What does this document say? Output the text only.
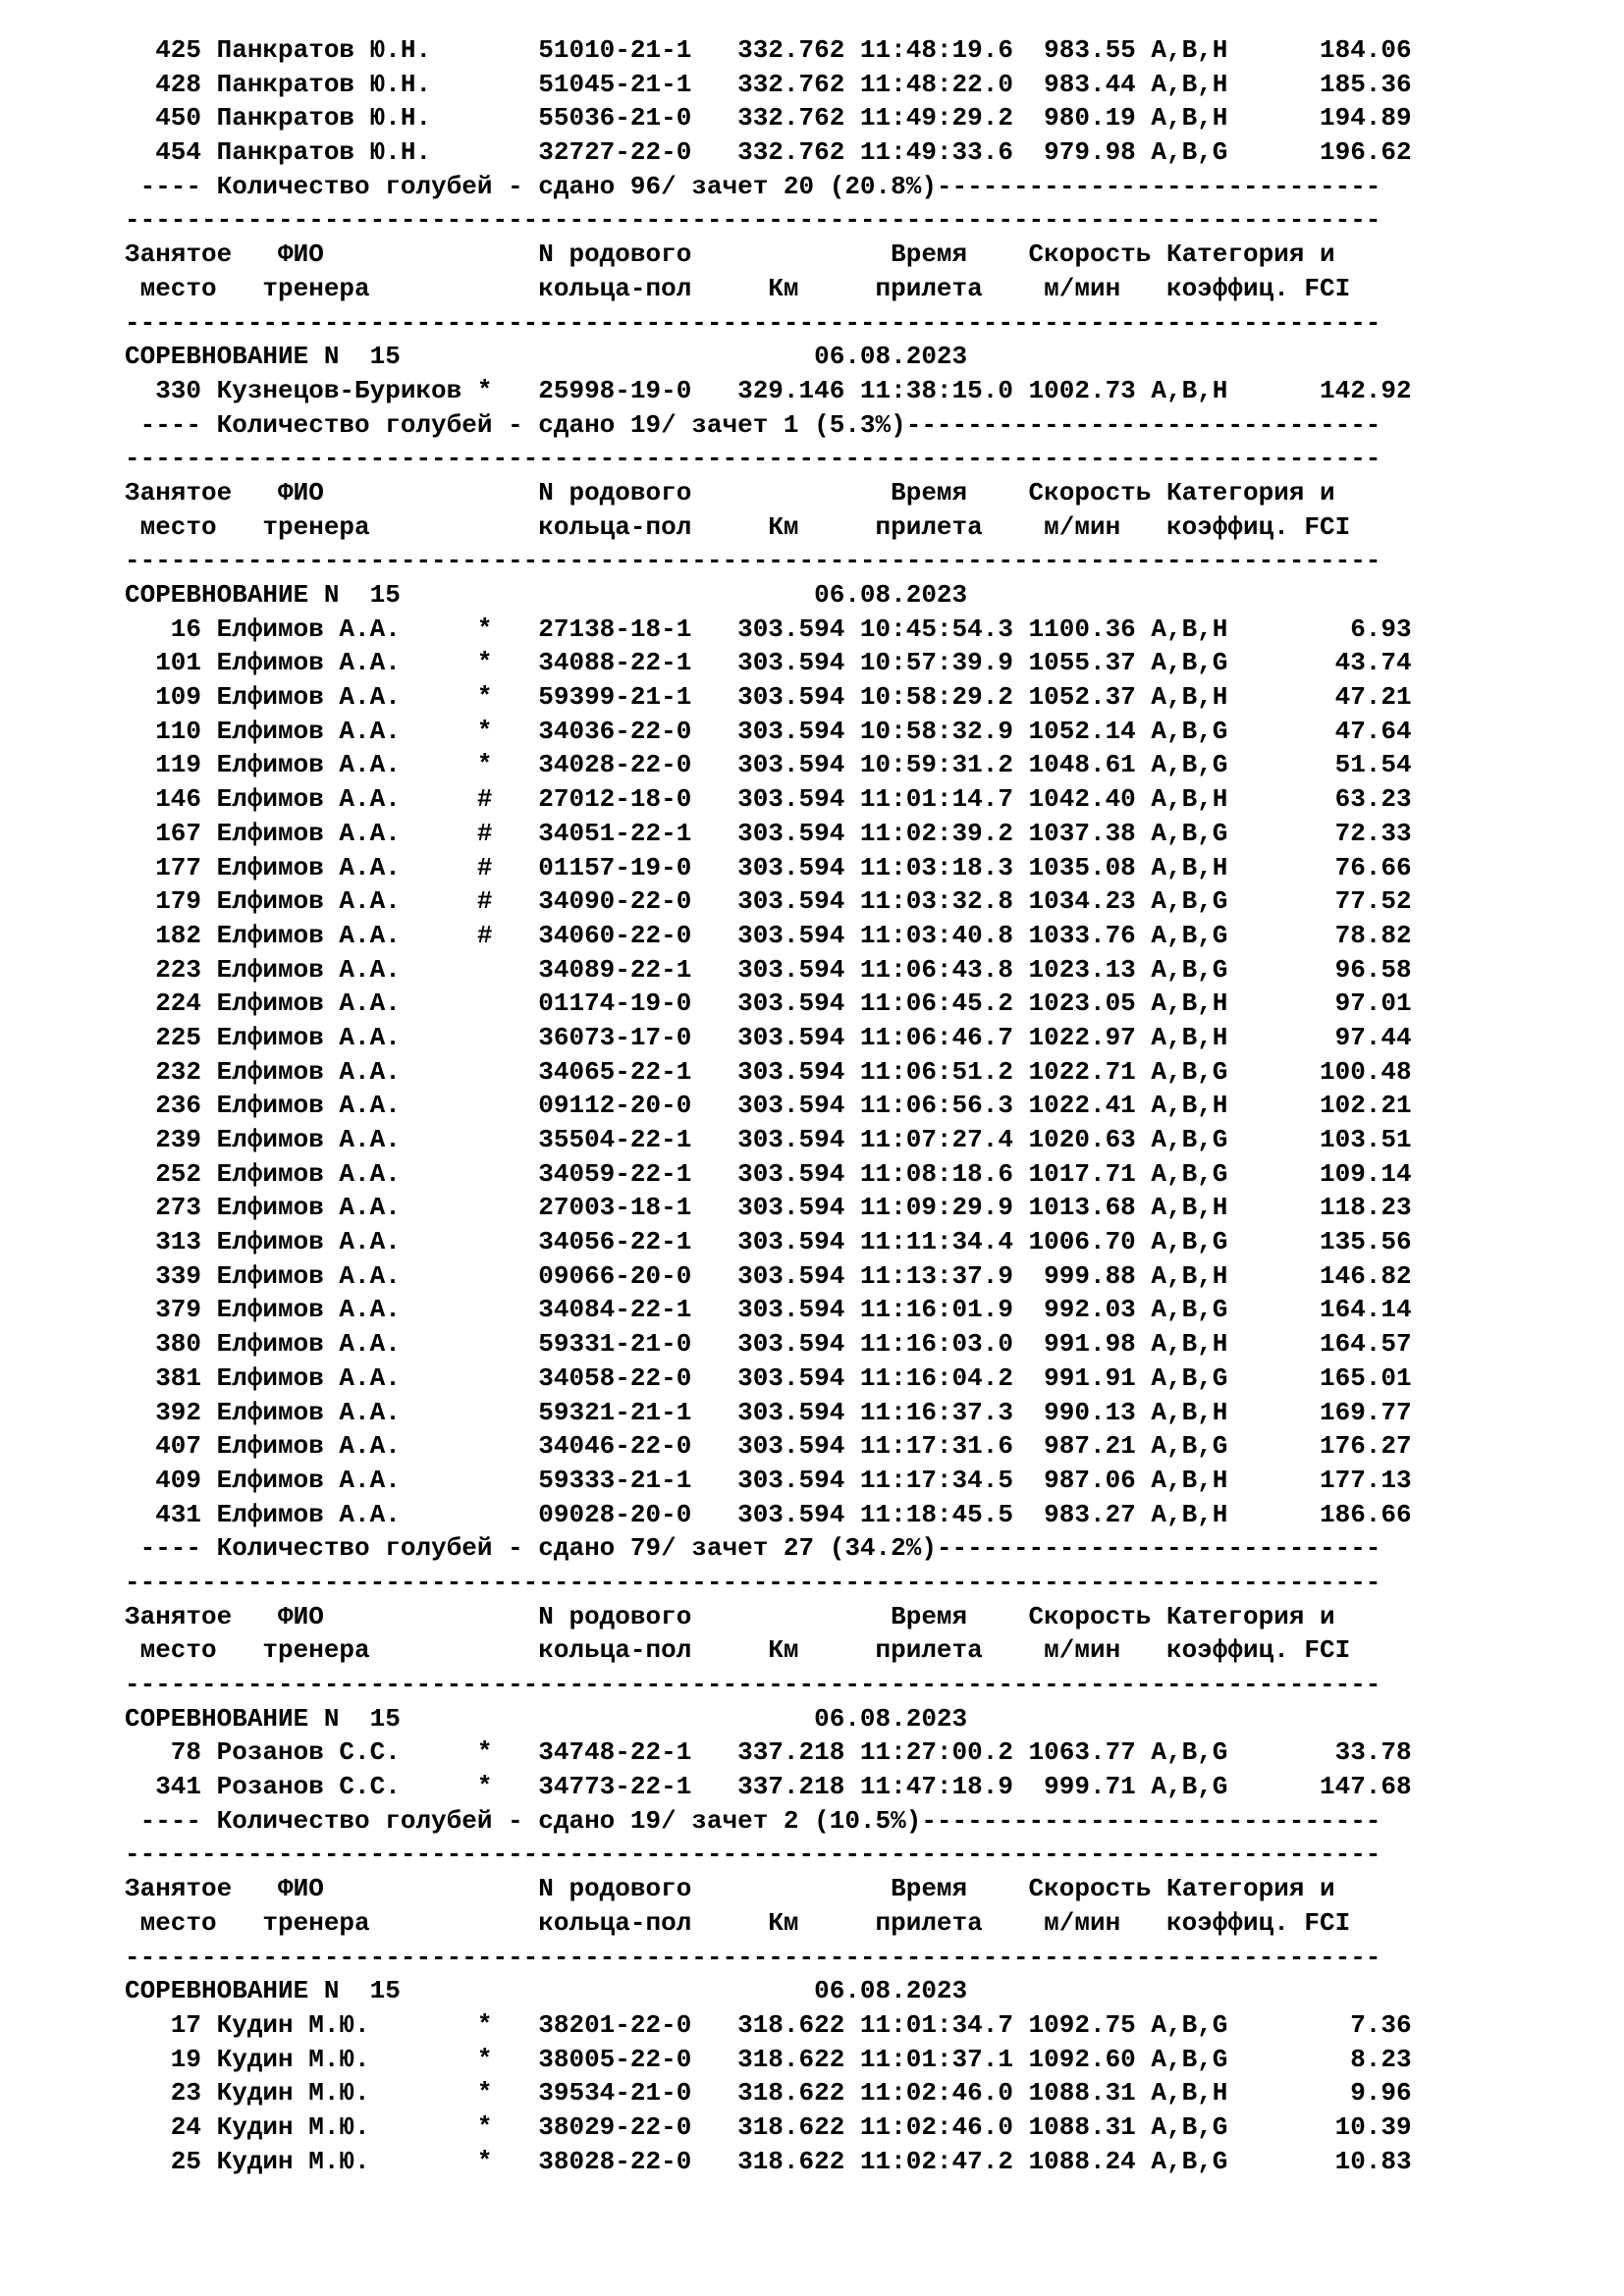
425 Панкратов Ю.Н.       51010-21-1   332.762 11:48:19.6  983.55 A,B,H      184.06
428 Панкратов Ю.Н.       51045-21-1   332.762 11:48:22.0  983.44 A,B,H      185.36
450 Панкратов Ю.Н.       55036-21-0   332.762 11:49:29.2  980.19 A,B,H      194.89
454 Панкратов Ю.Н.       32727-22-0   332.762 11:49:33.6  979.98 A,B,G      196.62
---- Количество голубей - сдано 96/ зачет 20 (20.8%)-----------------------------
----------------------------------------------------------------------------------
Занятое   ФИО              N родового             Время    Скорость Категория и
место   тренера           кольца-пол     Км     прилета    м/мин   коэффиц. FCI
----------------------------------------------------------------------------------
СОРЕВНОВАНИЕ N  15                           06.08.2023
330 Кузнецов-Буриков *   25998-19-0   329.146 11:38:15.0 1002.73 A,B,H      142.92
---- Количество голубей - сдано 19/ зачет 1 (5.3%)-------------------------------
----------------------------------------------------------------------------------
Занятое   ФИО              N родового             Время    Скорость Категория и
место   тренера           кольца-пол     Км     прилета    м/мин   коэффиц. FCI
----------------------------------------------------------------------------------
СОРЕВНОВАНИЕ N  15                           06.08.2023
16 Елфимов А.А.     *   27138-18-1   303.594 10:45:54.3 1100.36 A,B,H        6.93
101 Елфимов А.А.     *   34088-22-1   303.594 10:57:39.9 1055.37 A,B,G       43.74
109 Елфимов А.А.     *   59399-21-1   303.594 10:58:29.2 1052.37 A,B,H       47.21
110 Елфимов А.А.     *   34036-22-0   303.594 10:58:32.9 1052.14 A,B,G       47.64
119 Елфимов А.А.     *   34028-22-0   303.594 10:59:31.2 1048.61 A,B,G       51.54
146 Елфимов А.А.     #   27012-18-0   303.594 11:01:14.7 1042.40 A,B,H       63.23
167 Елфимов А.А.     #   34051-22-1   303.594 11:02:39.2 1037.38 A,B,G       72.33
177 Елфимов А.А.     #   01157-19-0   303.594 11:03:18.3 1035.08 A,B,H       76.66
179 Елфимов А.А.     #   34090-22-0   303.594 11:03:32.8 1034.23 A,B,G       77.52
182 Елфимов А.А.     #   34060-22-0   303.594 11:03:40.8 1033.76 A,B,G       78.82
223 Елфимов А.А.         34089-22-1   303.594 11:06:43.8 1023.13 A,B,G       96.58
224 Елфимов А.А.         01174-19-0   303.594 11:06:45.2 1023.05 A,B,H       97.01
225 Елфимов А.А.         36073-17-0   303.594 11:06:46.7 1022.97 A,B,H       97.44
232 Елфимов А.А.         34065-22-1   303.594 11:06:51.2 1022.71 A,B,G      100.48
236 Елфимов А.А.         09112-20-0   303.594 11:06:56.3 1022.41 A,B,H      102.21
239 Елфимов А.А.         35504-22-1   303.594 11:07:27.4 1020.63 A,B,G      103.51
252 Елфимов А.А.         34059-22-1   303.594 11:08:18.6 1017.71 A,B,G      109.14
273 Елфимов А.А.         27003-18-1   303.594 11:09:29.9 1013.68 A,B,H      118.23
313 Елфимов А.А.         34056-22-1   303.594 11:11:34.4 1006.70 A,B,G      135.56
339 Елфимов А.А.         09066-20-0   303.594 11:13:37.9  999.88 A,B,H      146.82
379 Елфимов А.А.         34084-22-1   303.594 11:16:01.9  992.03 A,B,G      164.14
380 Елфимов А.А.         59331-21-0   303.594 11:16:03.0  991.98 A,B,H      164.57
381 Елфимов А.А.         34058-22-0   303.594 11:16:04.2  991.91 A,B,G      165.01
392 Елфимов А.А.         59321-21-1   303.594 11:16:37.3  990.13 A,B,H      169.77
407 Елфимов А.А.         34046-22-0   303.594 11:17:31.6  987.21 A,B,G      176.27
409 Елфимов А.А.         59333-21-1   303.594 11:17:34.5  987.06 A,B,H      177.13
431 Елфимов А.А.         09028-20-0   303.594 11:18:45.5  983.27 A,B,H      186.66
---- Количество голубей - сдано 79/ зачет 27 (34.2%)-----------------------------
----------------------------------------------------------------------------------
Занятое   ФИО              N родового             Время    Скорость Категория и
место   тренера           кольца-пол     Км     прилета    м/мин   коэффиц. FCI
----------------------------------------------------------------------------------
СОРЕВНОВАНИЕ N  15                           06.08.2023
78 Розанов С.С.     *   34748-22-1   337.218 11:27:00.2 1063.77 A,B,G       33.78
341 Розанов С.С.     *   34773-22-1   337.218 11:47:18.9  999.71 A,B,G      147.68
---- Количество голубей - сдано 19/ зачет 2 (10.5%)------------------------------
----------------------------------------------------------------------------------
Занятое   ФИО              N родового             Время    Скорость Категория и
место   тренера           кольца-пол     Км     прилета    м/мин   коэффиц. FCI
----------------------------------------------------------------------------------
СОРЕВНОВАНИЕ N  15                           06.08.2023
17 Кудин М.Ю.       *   38201-22-0   318.622 11:01:34.7 1092.75 A,B,G        7.36
19 Кудин М.Ю.       *   38005-22-0   318.622 11:01:37.1 1092.60 A,B,G        8.23
23 Кудин М.Ю.       *   39534-21-0   318.622 11:02:46.0 1088.31 A,B,H        9.96
24 Кудин М.Ю.       *   38029-22-0   318.622 11:02:46.0 1088.31 A,B,G       10.39
25 Кудин М.Ю.       *   38028-22-0   318.622 11:02:47.2 1088.24 A,B,G       10.83
